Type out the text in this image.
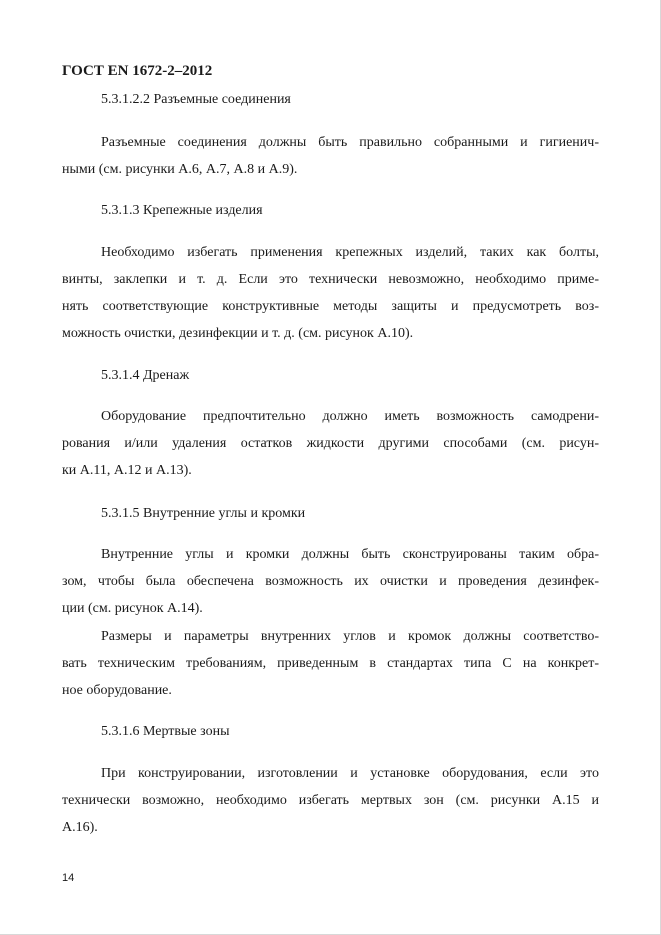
ГОСТ EN 1672-2–2012
5.3.1.2.2 Разъемные соединения
Разъемные соединения должны быть правильно собранными и гигиенич-
ными (см. рисунки А.6, А.7, А.8 и А.9).
5.3.1.3 Крепежные изделия
Необходимо избегать применения крепежных изделий, таких как болты,
винты, заклепки и т. д. Если это технически невозможно, необходимо приме-
нять соответствующие конструктивные методы защиты и предусмотреть воз-
можность очистки, дезинфекции и т. д. (см. рисунок А.10).
5.3.1.4 Дренаж
Оборудование предпочтительно должно иметь возможность самодрени-
рования и/или удаления остатков жидкости другими способами (см. рисун-
ки А.11, А.12 и А.13).
5.3.1.5 Внутренние углы и кромки
Внутренние углы и кромки должны быть сконструированы таким обра-
зом, чтобы была обеспечена возможность их очистки и проведения дезинфек-
ции (см. рисунок А.14).
Размеры и параметры внутренних углов и кромок должны соответство-
вать техническим требованиям, приведенным в стандартах типа С на конкрет-
ное оборудование.
5.3.1.6 Мертвые зоны
При конструировании, изготовлении и установке оборудования, если это
технически возможно, необходимо избегать мертвых зон (см. рисунки А.15 и
А.16).
14
